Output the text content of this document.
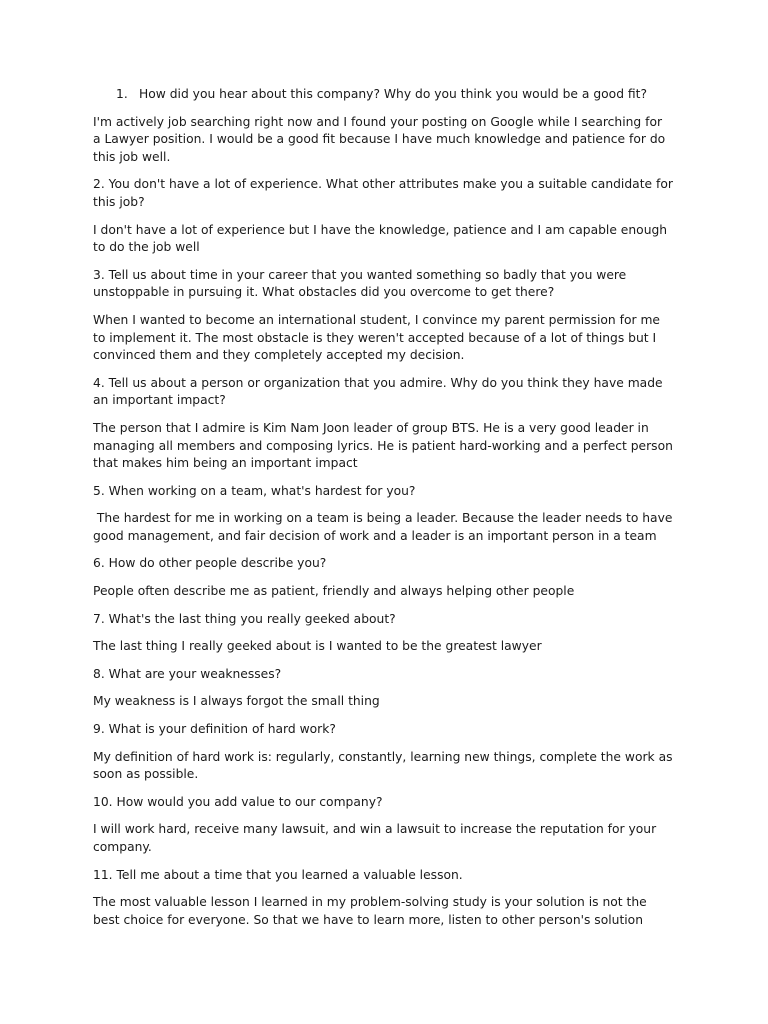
1. How did you hear about this company? Why do you think you would be a good fit?

I'm actively job searching right now and I found your posting on Google while I searching for a Lawyer position. I would be a good fit because I have much knowledge and patience for do this job well.

2. You don't have a lot of experience. What other attributes make you a suitable candidate for this job?

I don't have a lot of experience but I have the knowledge, patience and I am capable enough to do the job well

3. Tell us about time in your career that you wanted something so badly that you were unstoppable in pursuing it. What obstacles did you overcome to get there?

When I wanted to become an international student, I convince my parent permission for me to implement it. The most obstacle is they weren't accepted because of a lot of things but I convinced them and they completely accepted my decision.

4. Tell us about a person or organization that you admire. Why do you think they have made an important impact?

The person that I admire is Kim Nam Joon leader of group BTS. He is a very good leader in managing all members and composing lyrics. He is patient hard-working and a perfect person that makes him being an important impact

5. When working on a team, what's hardest for you?

The hardest for me in working on a team is being a leader. Because the leader needs to have good management, and fair decision of work and a leader is an important person in a team

6. How do other people describe you?

People often describe me as patient, friendly and always helping other people

7. What's the last thing you really geeked about?

The last thing I really geeked about is I wanted to be the greatest lawyer

8. What are your weaknesses?

My weakness is I always forgot the small thing

9. What is your definition of hard work?

My definition of hard work is: regularly, constantly, learning new things, complete the work as soon as possible.

10. How would you add value to our company?

I will work hard, receive many lawsuit, and win a lawsuit to increase the reputation for your company.

11. Tell me about a time that you learned a valuable lesson.

The most valuable lesson I learned in my problem-solving study is your solution is not the best choice for everyone. So that we have to learn more, listen to other person's solution
